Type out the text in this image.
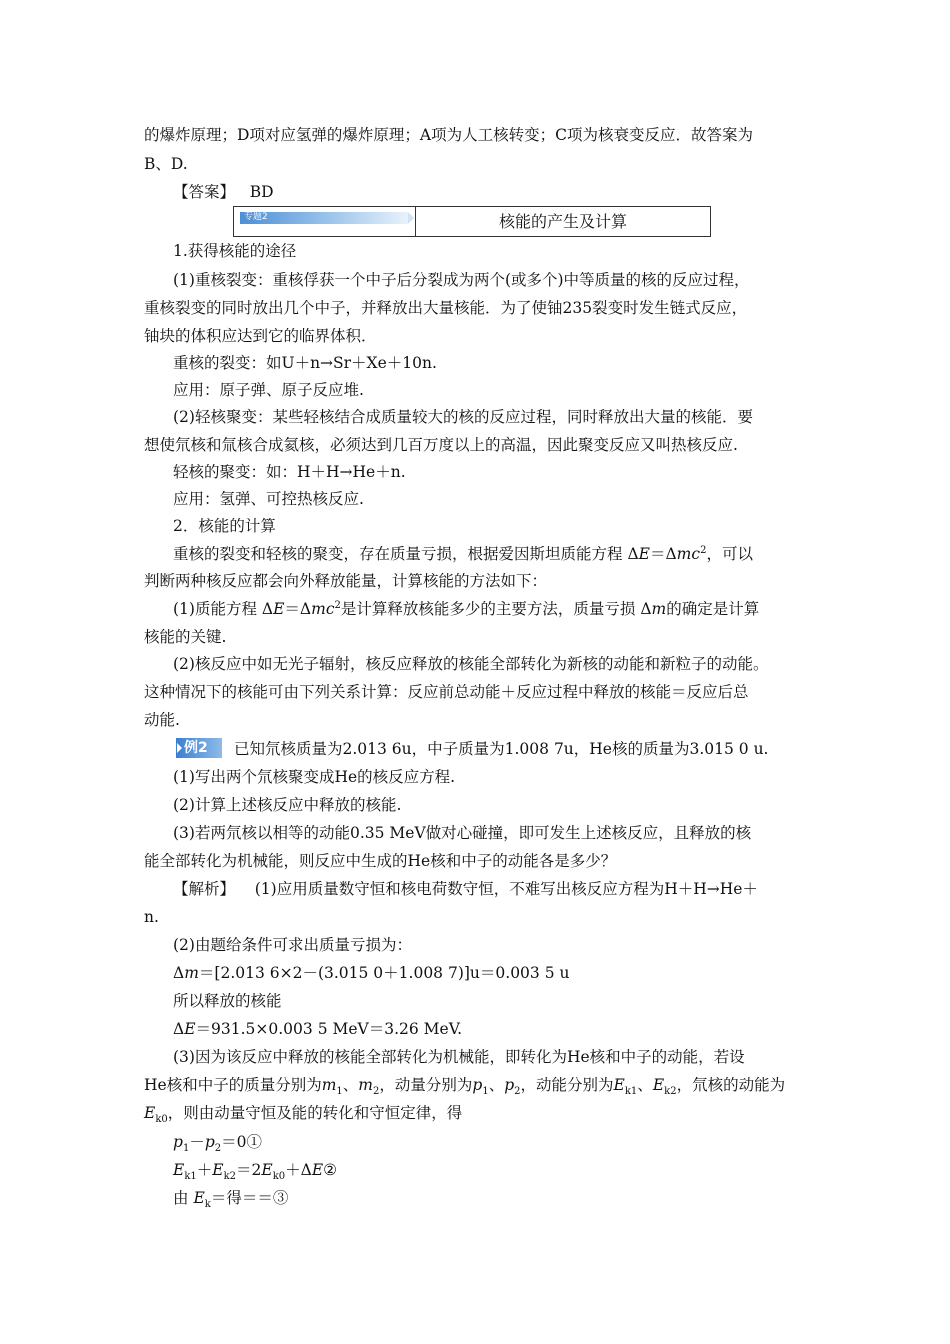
的爆炸原理；D项对应氢弹的爆炸原理；A项为人工核转变；C项为核衰变反应．故答案为
B、D.
【答案】 BD
专题2	核能的产生及计算
1.获得核能的途径
(1)重核裂变：重核俘获一个中子后分裂成为两个(或多个)中等质量的核的反应过程，
重核裂变的同时放出几个中子，并释放出大量核能．为了使铀235裂变时发生链式反应，
铀块的体积应达到它的临界体积．
重核的裂变：如U＋n→Sr＋Xe＋10n.
应用：原子弹、原子反应堆.
(2)轻核聚变：某些轻核结合成质量较大的核的反应过程，同时释放出大量的核能．要
想使氘核和氚核合成氦核，必须达到几百万度以上的高温，因此聚变反应又叫热核反应.
轻核的聚变：如：H＋H→He＋n.
应用：氢弹、可控热核反应.
2．核能的计算
重核的裂变和轻核的聚变，存在质量亏损，根据爱因斯坦质能方程 ΔE＝Δmc$^2$，可以
判断两种核反应都会向外释放能量，计算核能的方法如下：
(1)质能方程 ΔE＝Δmc$^2$是计算释放核能多少的主要方法，质量亏损 Δm的确定是计算
核能的关键.
(2)核反应中如无光子辐射，核反应释放的核能全部转化为新核的动能和新粒子的动能。
这种情况下的核能可由下列关系计算：反应前总动能＋反应过程中释放的核能＝反应后总
动能.
例2	已知氘核质量为2.013 6u，中子质量为1.008 7u，He核的质量为3.015 0 u.
(1)写出两个氘核聚变成He的核反应方程.
(2)计算上述核反应中释放的核能.
(3)若两氘核以相等的动能0.35 MeV做对心碰撞，即可发生上述核反应，且释放的核
能全部转化为机械能，则反应中生成的He核和中子的动能各是多少？
【解析】 (1)应用质量数守恒和核电荷数守恒，不难写出核反应方程为H＋H→He＋
n.
(2)由题给条件可求出质量亏损为：
Δm＝[2.013 6×2－(3.015 0＋1.008 7)]u＝0.003 5 u
所以释放的核能
ΔE＝931.5×0.003 5 MeV＝3.26 MeV.
(3)因为该反应中释放的核能全部转化为机械能，即转化为He核和中子的动能，若设
He核和中子的质量分别为$m_1$、$m_2$，动量分别为$p_1$、$p_2$，动能分别为$E_{k1}$、$E_{k2}$，氘核的动能为
$E_{k0}$，则由动量守恒及能的转化和守恒定律，得
$p_1-p_2=0①$
$E_{k1}+E_{k2}=2E_{k0}+\Delta E②$
由 $E_k=$得＝＝③
